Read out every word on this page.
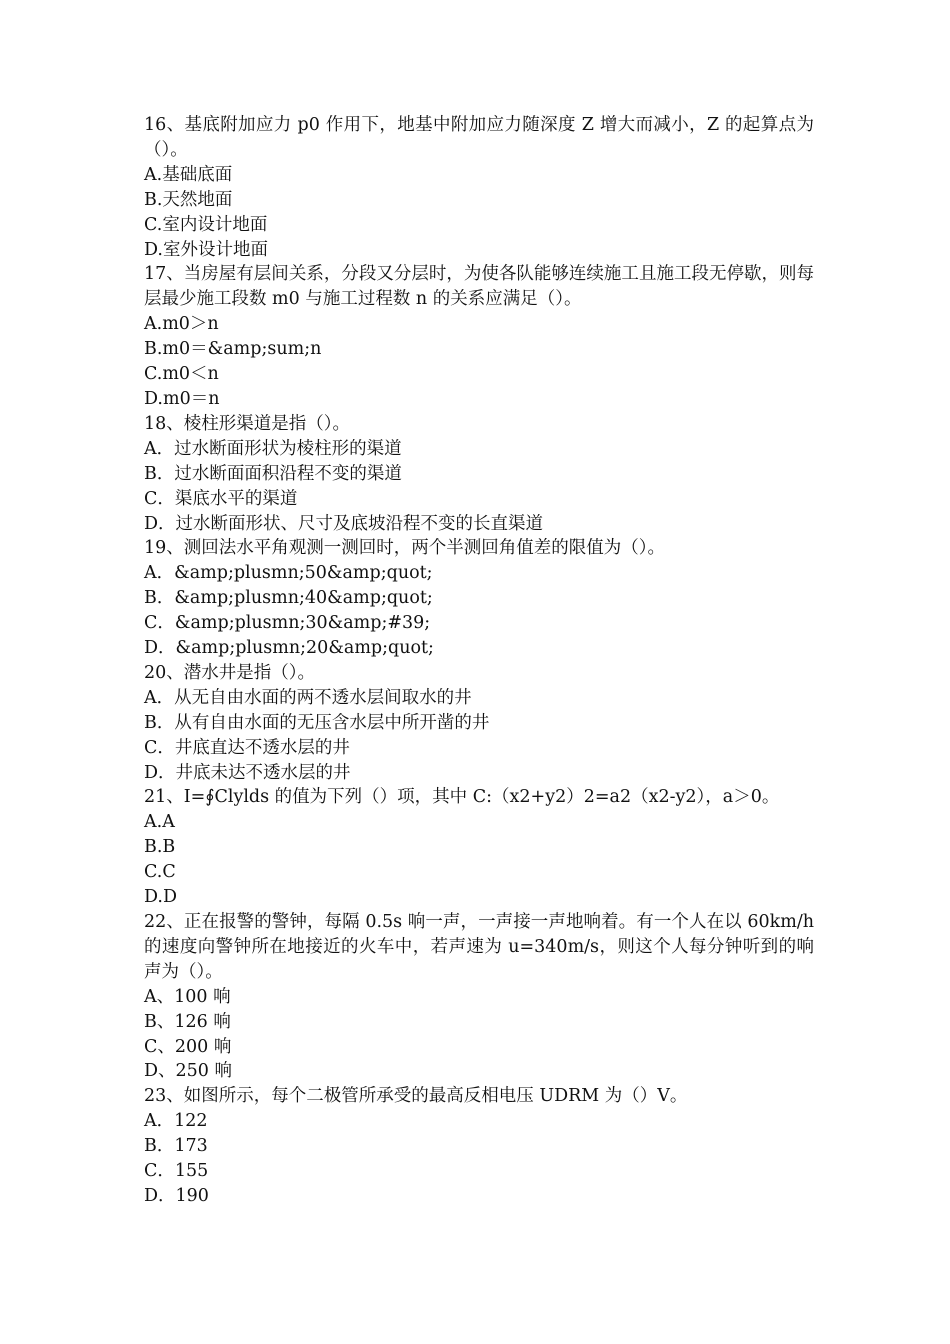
16、基底附加应力 p0 作用下，地基中附加应力随深度 Z 增大而减小，Z 的起算点为（）。

A.基础底面

B.天然地面

C.室内设计地面

D.室外设计地面

17、当房屋有层间关系，分段又分层时，为使各队能够连续施工且施工段无停歇，则每层最少施工段数 m0 与施工过程数 n 的关系应满足（）。

A.m0＞n

B.m0＝&amp;sum;n

C.m0＜n

D.m0＝n

18、棱柱形渠道是指（）。

A．过水断面形状为棱柱形的渠道

B．过水断面面积沿程不变的渠道

C．渠底水平的渠道

D．过水断面形状、尺寸及底坡沿程不变的长直渠道

19、测回法水平角观测一测回时，两个半测回角值差的限值为（）。

A．&amp;plusmn;50&amp;quot;

B．&amp;plusmn;40&amp;quot;

C．&amp;plusmn;30&amp;#39;

D．&amp;plusmn;20&amp;quot;

20、潜水井是指（）。

A．从无自由水面的两不透水层间取水的井

B．从有自由水面的无压含水层中所开凿的井

C．井底直达不透水层的井

D．井底未达不透水层的井

21、I=∮Clylds 的值为下列（）项，其中 C:（x2+y2）2=a2（x2-y2），a＞0。

A.A

B.B

C.C

D.D

22、正在报警的警钟，每隔 0.5s 响一声，一声接一声地响着。有一个人在以 60km/h 的速度向警钟所在地接近的火车中，若声速为 u=340m/s，则这个人每分钟听到的响声为（）。

A、100 响

B、126 响

C、200 响

D、250 响

23、如图所示，每个二极管所承受的最高反相电压 UDRM 为（）V。

A．122

B．173

C．155

D．190
